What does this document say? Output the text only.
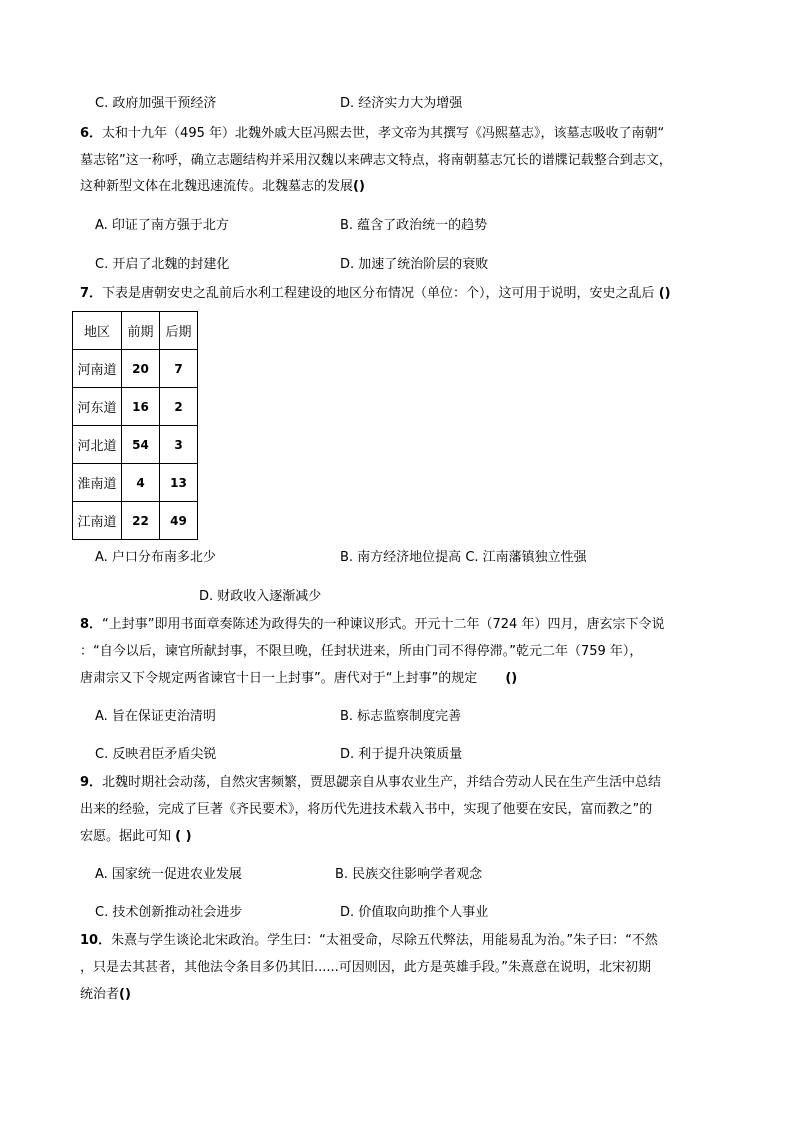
C. 政府加强干预经济	D. 经济实力大为增强
6．太和十九年（495 年）北魏外戚大臣冯熙去世，孝文帝为其撰写《冯熙墓志》，该墓志吸收了南朝“
墓志铭”这一称呼，确立志题结构并采用汉魏以来碑志文特点，将南朝墓志冗长的谱牒记载整合到志文，
这种新型文体在北魏迅速流传。北魏墓志的发展()
A. 印证了南方强于北方	B. 蕴含了政治统一的趋势
C. 开启了北魏的封建化	D. 加速了统治阶层的衰败
7．下表是唐朝安史之乱前后水利工程建设的地区分布情况（单位：个），这可用于说明，安史之乱后 ()
地区	前期	后期
河南道	20	7
河东道	16	2
河北道	54	3
淮南道	4	13
江南道	22	49
A. 户口分布南多北少	B. 南方经济地位提高 C. 江南藩镇独立性强
D. 财政收入逐渐减少
8．“上封事”即用书面章奏陈述为政得失的一种谏议形式。开元十二年（724 年）四月，唐玄宗下令说
：“自今以后，谏官所献封事，不限旦晚，任封状进来，所由门司不得停滞。”乾元二年（759 年），
唐肃宗又下令规定两省谏官十日一上封事”。唐代对于“上封事”的规定 ()
A. 旨在保证吏治清明	B. 标志监察制度完善
C. 反映君臣矛盾尖锐	D. 利于提升决策质量
9．北魏时期社会动荡，自然灾害频繁，贾思勰亲自从事农业生产，并结合劳动人民在生产生活中总结
出来的经验，完成了巨著《齐民要术》，将历代先进技术载入书中，实现了他要在安民，富而教之”的
宏愿。据此可知 ( )
A. 国家统一促进农业发展	B. 民族交往影响学者观念
C. 技术创新推动社会进步	D. 价值取向助推个人事业
10．朱熹与学生谈论北宋政治。学生曰：“太祖受命，尽除五代弊法，用能易乱为治。”朱子曰：“不然
，只是去其甚者，其他法令条目多仍其旧......可因则因，此方是英雄手段。”朱熹意在说明，北宋初期
统治者()
